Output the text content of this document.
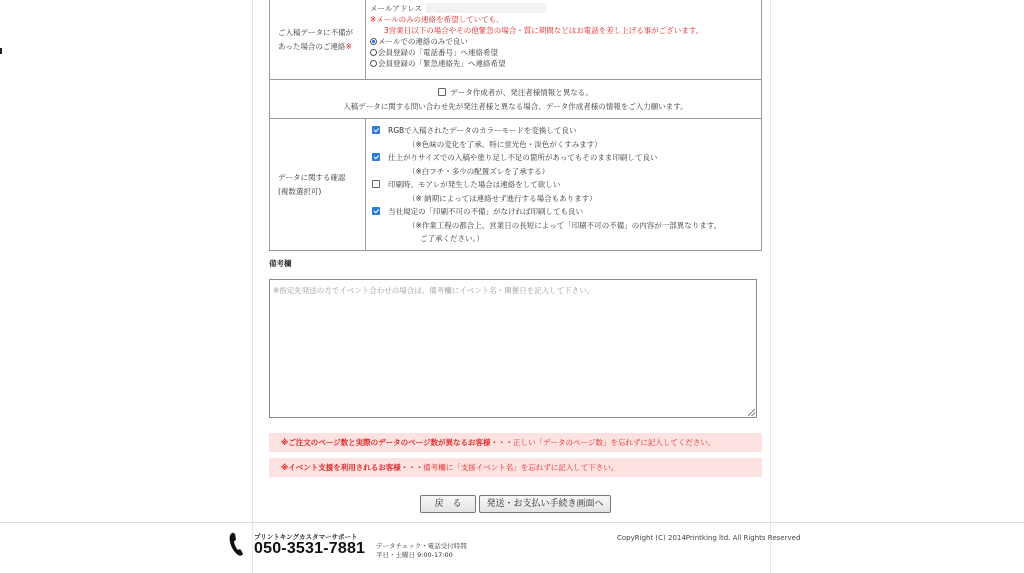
ご入稿データに不備が
あった場合のご連絡※
メールアドレス
※メールのみの連絡を希望していても、
3営業日以下の場合やその他緊急の場合・質に期間などはお電話を差し上げる事がございます。
メールでの連絡のみで良い
会員登録の「電話番号」へ連絡希望
会員登録の「緊急連絡先」へ連絡希望
データ作成者が、発注者様情報と異なる。
入稿データに関する問い合わせ先が発注者様と異なる場合、データ作成者様の情報をご入力願います。
データに関する確認
(複数選択可)
RGBで入稿されたデータのカラーモードを変換して良い
（※色味の変化を了承、特に蛍光色・淡色がくすみます）
仕上がりサイズでの入稿や塗り足し不足の箇所があってもそのまま印刷して良い
（※白フチ・多少の配置ズレを了承する）
印刷時、モアレが発生した場合は連絡をして欲しい
（※ 納期によっては連絡せず進行する場合もあります）
当社規定の「印刷不可の不備」がなければ印刷しても良い
（※作業工程の都合上、営業日の長短によって「印刷不可の不備」の内容が一部異なります。
ご了承ください。）
備考欄
※指定先発送の方でイベント合わせの場合は、備考欄にイベント名・開催日を記入して下さい。
※ご注文のページ数と実際のデータのページ数が異なるお客様・・・正しい「データのページ数」を忘れずに記入してください。
※イベント支援を利用されるお客様・・・備考欄に「支援イベント名」を忘れずに記入して下さい。
戻　る	発送・お支払い手続き画面へ
プリントキングカスタマーサポート
050-3531-7881 データチェック・電話受付時間
平日・土曜日 9:00-17:00
CopyRight (C) 2014Printking ltd. All Rights Reserved
